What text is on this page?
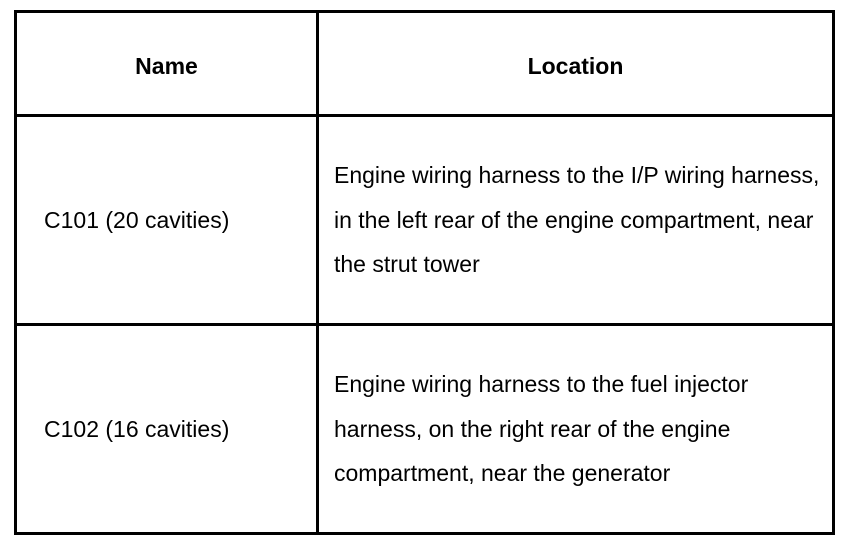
Name	Location
C101 (20 cavities)	Engine wiring harness to the I/P wiring harness, in the left rear of the engine compartment, near the strut tower
C102 (16 cavities)	Engine wiring harness to the fuel injector harness, on the right rear of the engine compartment, near the generator
